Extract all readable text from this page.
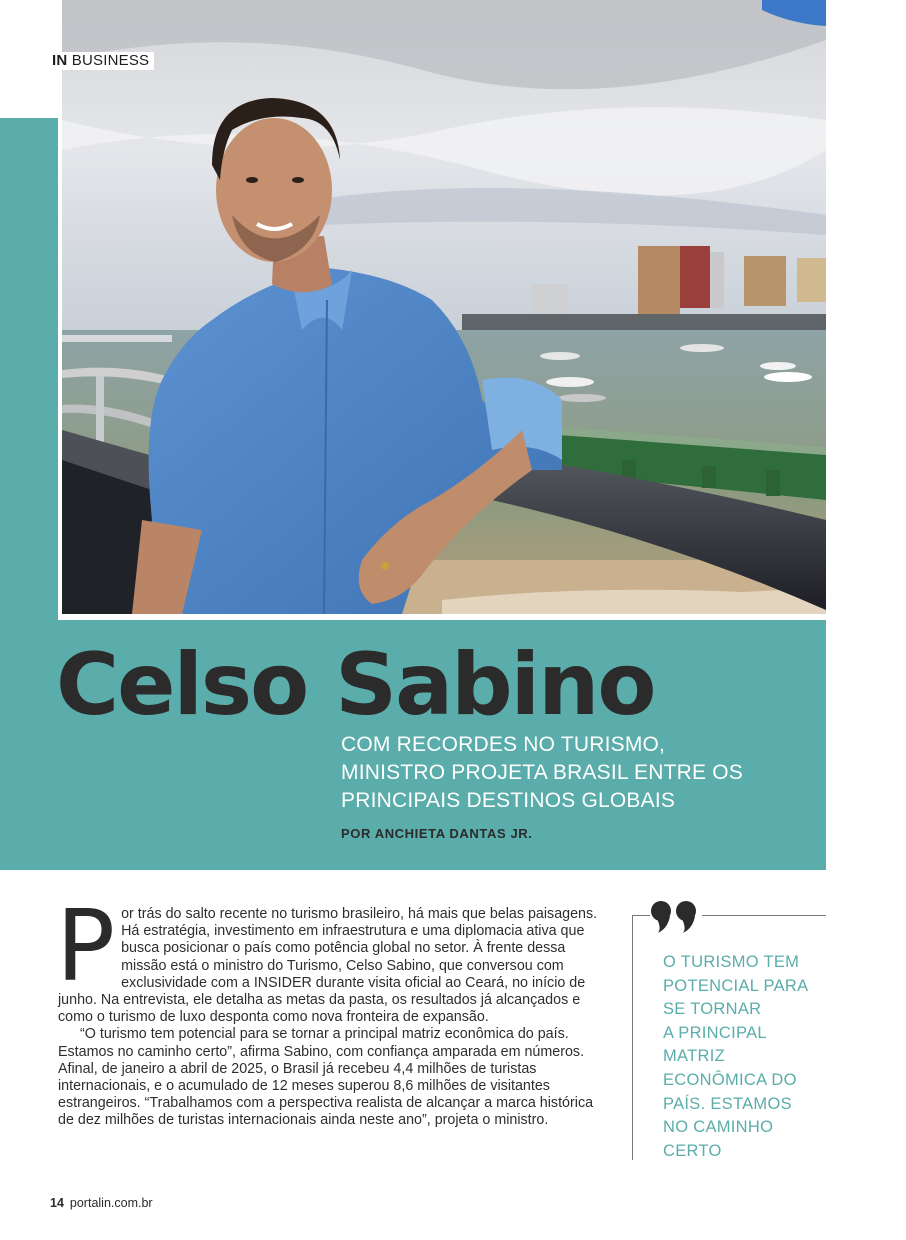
IN BUSINESS
Celso Sabino
COM RECORDES NO TURISMO,
MINISTRO PROJETA BRASIL ENTRE OS
PRINCIPAIS DESTINOS GLOBAIS
POR ANCHIETA DANTAS JR.
P or trás do salto recente no turismo brasileiro, há mais que belas paisagens. Há estratégia, investimento em infraestrutura e uma diplomacia ativa que busca posicionar o país como potência global no setor. À frente dessa missão está o ministro do Turismo, Celso Sabino, que conversou com exclusividade com a INSIDER durante visita oficial ao Ceará, no início de junho. Na entrevista, ele detalha as metas da pasta, os resultados já alcançados e como o turismo de luxo desponta como nova fronteira de expansão.

“O turismo tem potencial para se tornar a principal matriz econômica do país. Estamos no caminho certo”, afirma Sabino, com confiança amparada em números. Afinal, de janeiro a abril de 2025, o Brasil já recebeu 4,4 milhões de turistas internacionais, e o acumulado de 12 meses superou 8,6 milhões de visitantes estrangeiros. “Trabalhamos com a perspectiva realista de alcançar a marca histórica de dez milhões de turistas internacionais ainda neste ano”, projeta o ministro.

O TURISMO TEM
POTENCIAL PARA
SE TORNAR
A PRINCIPAL
MATRIZ
ECONÔMICA DO
PAÍS. ESTAMOS
NO CAMINHO
CERTO
14 portalin.com.br
